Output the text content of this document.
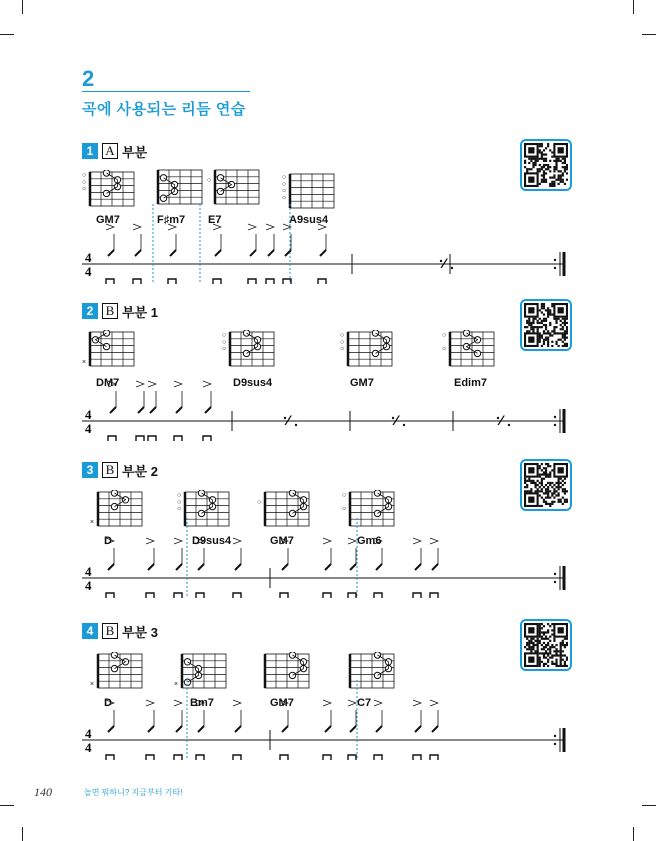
2
곡에 사용되는 리듬 연습
1 A 부분
2 B 부분 1
3 B 부분 2
4 B 부분 3
○
○
○
○	○
○
○
○
×
○
○
○
○
○
○
○
○
×
○
○
○
○
○
○
×	×
GM7	F♯m7 E7	A9sus4
DM7	D9sus4	GM7	Edim7
D	D9sus4	GM7	Gm6
D	Bm7	GM7	C7
4
4
⁄
4
4
⁄	⁄	⁄
4
4
4
4
140	놀면 뭐하니? 지금부터 기타!
